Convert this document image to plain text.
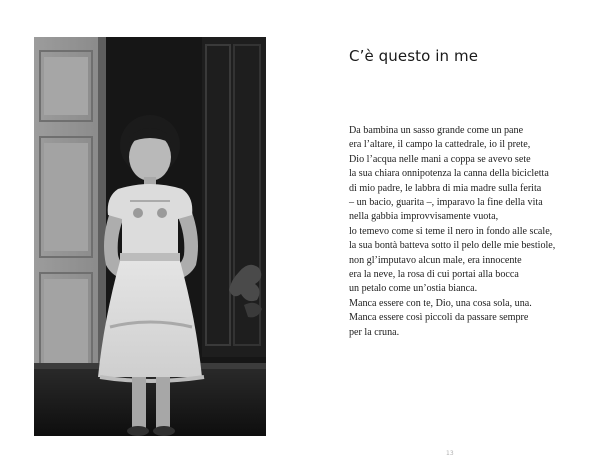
C’è questo in me
Da bambina un sasso grande come un pane
era l’altare, il campo la cattedrale, io il prete,
Dio l’acqua nelle mani a coppa se avevo sete
la sua chiara onnipotenza la canna della bicicletta
di mio padre, le labbra di mia madre sulla ferita
– un bacio, guarita –, imparavo la fine della vita
nella gabbia improvvisamente vuota,
lo temevo come si teme il nero in fondo alle scale,
la sua bontà batteva sotto il pelo delle mie bestiole,
non gl’imputavo alcun male, era innocente
era la neve, la rosa di cui portai alla bocca
un petalo come un’ostia bianca.
Manca essere con te, Dio, una cosa sola, una.
Manca essere così piccoli da passare sempre
per la cruna.
13
